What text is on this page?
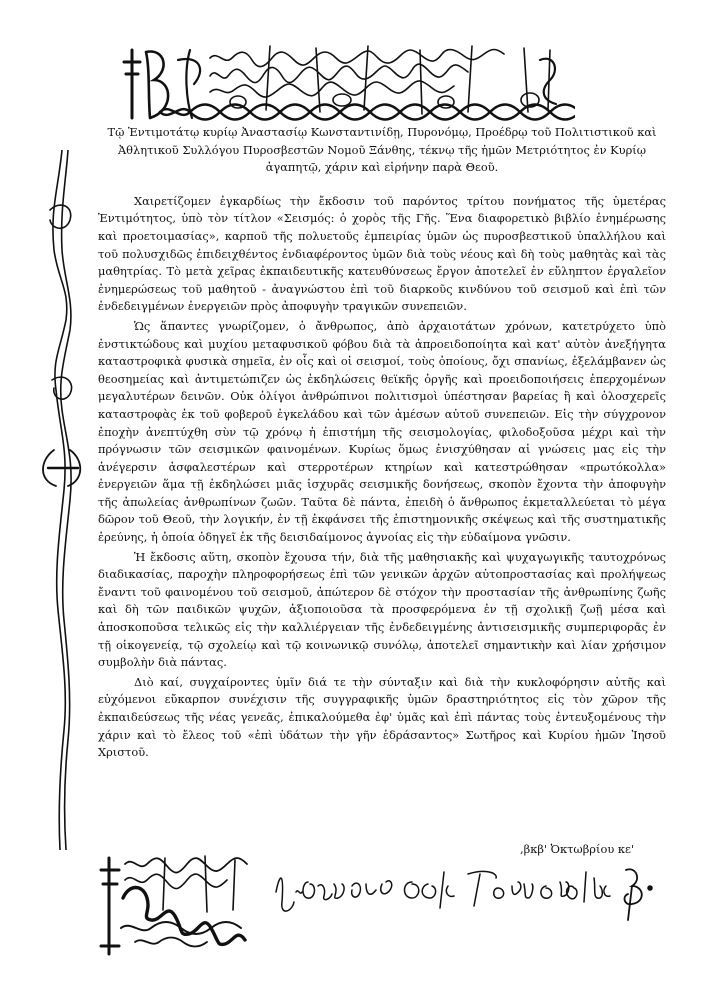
Τῷ Ἐντιμοτάτῳ κυρίῳ Ἀναστασίῳ Κωνσταντινίδῃ, Πυρονόμῳ, Προέδρῳ τοῦ Πολιτιστικοῦ καὶ Ἀθλητικοῦ Συλλόγου Πυροσβεστῶν Νομοῦ Ξάνθης, τέκνῳ τῆς ἡμῶν Μετριότητος ἐν Κυρίῳ ἀγαπητῷ, χάριν καὶ εἰρήνην παρὰ Θεοῦ.

Χαιρετίζομεν ἐγκαρδίως τὴν ἔκδοσιν τοῦ παρόντος τρίτου πονήματος τῆς ὑμετέρας Ἐντιμότητος, ὑπὸ τὸν τίτλον «Σεισμός: ὁ χορὸς τῆς Γῆς. Ἕνα διαφορετικὸ βιβλίο ἐνημέρωσης καὶ προετοιμασίας», καρποῦ τῆς πολυετοῦς ἐμπειρίας ὑμῶν ὡς πυροσβεστικοῦ ὑπαλλήλου καὶ τοῦ πολυσχιδῶς ἐπιδειχθέντος ἐνδιαφέροντος ὑμῶν διὰ τοὺς νέους καὶ δὴ τοὺς μαθητὰς καὶ τὰς μαθητρίας. Τὸ μετὰ χεῖρας ἐκπαιδευτικῆς κατευθύνσεως ἔργον ἀποτελεῖ ἐν εὔληπτον ἐργαλεῖον ἐνημερώσεως τοῦ μαθητοῦ - ἀναγνώστου ἐπὶ τοῦ διαρκοῦς κινδύνου τοῦ σεισμοῦ καὶ ἐπὶ τῶν ἐνδεδειγμένων ἐνεργειῶν πρὸς ἀποφυγὴν τραγικῶν συνεπειῶν.

Ὡς ἅπαντες γνωρίζομεν, ὁ ἄνθρωπος, ἀπὸ ἀρχαιοτάτων χρόνων, κατετρύχετο ὑπὸ ἐνστικτώδους καὶ μυχίου μεταφυσικοῦ φόβου διὰ τὰ ἀπροειδοποίητα καὶ κατ' αὐτὸν ἀνεξήγητα καταστροφικὰ φυσικὰ σημεῖα, ἐν οἷς καὶ οἱ σεισμοί, τοὺς ὁποίους, ὄχι σπανίως, ἐξελάμβανεν ὡς θεοσημείας καὶ ἀντιμετώπιζεν ὡς ἐκδηλώσεις θεϊκῆς ὀργῆς καὶ προειδοποιήσεις ἐπερχομένων μεγαλυτέρων δεινῶν. Οὐκ ὀλίγοι ἀνθρώπινοι πολιτισμοὶ ὑπέστησαν βαρείας ἢ καὶ ὁλοσχερεῖς καταστροφὰς ἐκ τοῦ φοβεροῦ ἐγκελάδου καὶ τῶν ἀμέσων αὐτοῦ συνεπειῶν. Εἰς τὴν σύγχρονον ἐποχὴν ἀνεπτύχθη σὺν τῷ χρόνῳ ἡ ἐπιστήμη τῆς σεισμολογίας, φιλοδοξοῦσα μέχρι καὶ τὴν πρόγνωσιν τῶν σεισμικῶν φαινομένων. Κυρίως ὅμως ἐνισχύθησαν αἱ γνώσεις μας εἰς τὴν ἀνέγερσιν ἀσφαλεστέρων καὶ στερροτέρων κτηρίων καὶ κατεστρώθησαν «πρωτόκολλα» ἐνεργειῶν ἅμα τῇ ἐκδηλώσει μιᾶς ἰσχυρᾶς σεισμικῆς δονήσεως, σκοπὸν ἔχοντα τὴν ἀποφυγὴν τῆς ἀπωλείας ἀνθρωπίνων ζωῶν. Ταῦτα δὲ πάντα, ἐπειδὴ ὁ ἄνθρωπος ἐκμεταλλεύεται τὸ μέγα δῶρον τοῦ Θεοῦ, τὴν λογικήν, ἐν τῇ ἐκφάνσει τῆς ἐπιστημονικῆς σκέψεως καὶ τῆς συστηματικῆς ἐρεύνης, ἡ ὁποία ὁδηγεῖ ἐκ τῆς δεισιδαίμονος ἀγνοίας εἰς τὴν εὐδαίμονα γνῶσιν.

Ἡ ἔκδοσις αὕτη, σκοπὸν ἔχουσα τήν, διὰ τῆς μαθησιακῆς καὶ ψυχαγωγικῆς ταυτοχρόνως διαδικασίας, παροχὴν πληροφορήσεως ἐπὶ τῶν γενικῶν ἀρχῶν αὐτοπροστασίας καὶ προλήψεως ἔναντι τοῦ φαινομένου τοῦ σεισμοῦ, ἀπώτερον δὲ στόχον τὴν προστασίαν τῆς ἀνθρωπίνης ζωῆς καὶ δὴ τῶν παιδικῶν ψυχῶν, ἀξιοποιοῦσα τὰ προσφερόμενα ἐν τῇ σχολικῇ ζωῇ μέσα καὶ ἀποσκοποῦσα τελικῶς εἰς τὴν καλλιέργειαν τῆς ἐνδεδειγμένης ἀντισεισμικῆς συμπεριφορᾶς ἐν τῇ οἰκογενείᾳ, τῷ σχολείῳ καὶ τῷ κοινωνικῷ συνόλῳ, ἀποτελεῖ σημαντικὴν καὶ λίαν χρήσιμον συμβολὴν διὰ πάντας.

Διὸ καί, συγχαίροντες ὑμῖν διά τε τὴν σύνταξιν καὶ διὰ τὴν κυκλοφόρησιν αὐτῆς καὶ εὐχόμενοι εὔκαρπον συνέχισιν τῆς συγγραφικῆς ὑμῶν δραστηριότητος εἰς τὸν χῶρον τῆς ἐκπαιδεύσεως τῆς νέας γενεᾶς, ἐπικαλούμεθα ἐφ' ὑμᾶς καὶ ἐπὶ πάντας τοὺς ἐντευξομένους τὴν χάριν καὶ τὸ ἔλεος τοῦ «ἐπὶ ὑδάτων τὴν γῆν ἑδράσαντος» Σωτῆρος καὶ Κυρίου ἡμῶν Ἰησοῦ Χριστοῦ.

,βκβ' Ὀκτωβρίου κε'
